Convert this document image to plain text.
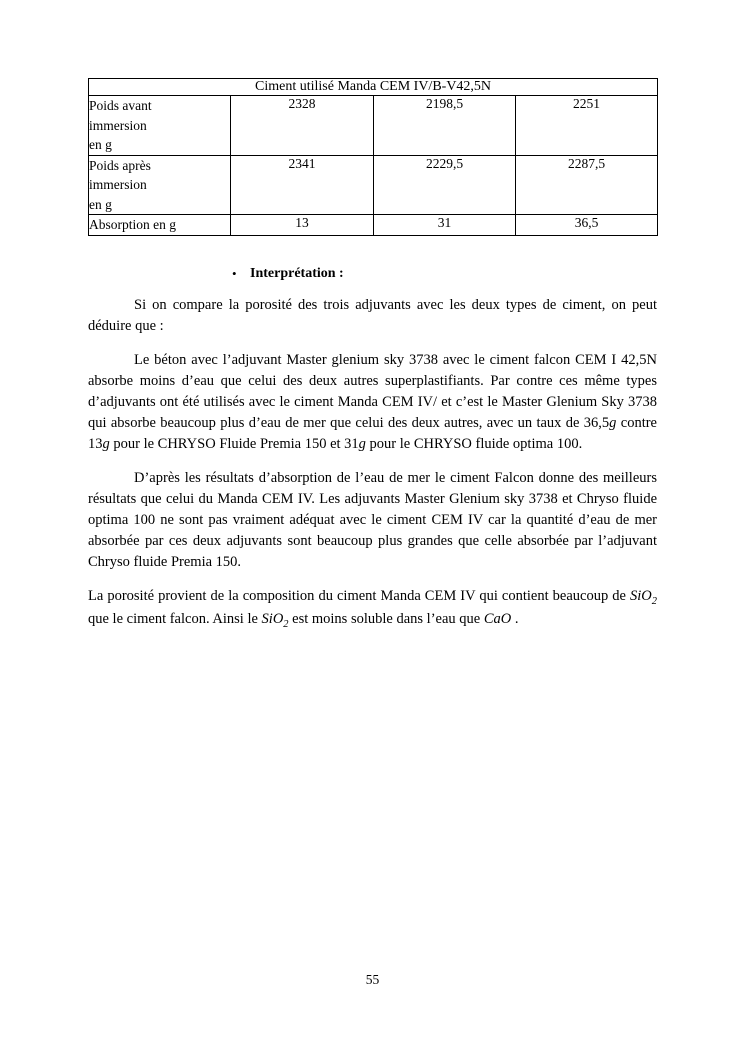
Ciment utilisé Manda CEM IV/B-V42,5N			

Poids avant
immersion
en g	2328	2198,5	2251

Poids après
immersion
en g	2341	2229,5	2287,5
Absorption en g	13	31	36,5
• Interprétation :

Si on compare la porosité des trois adjuvants avec les deux types de ciment, on peut déduire que :

Le béton avec l’adjuvant Master glenium sky 3738 avec le ciment falcon CEM I 42,5N absorbe moins d’eau que celui des deux autres superplastifiants. Par contre ces même types d’adjuvants ont été utilisés avec le ciment Manda CEM IV/ et c’est le Master Glenium Sky 3738 qui absorbe beaucoup plus d’eau de mer que celui des deux autres, avec un taux de 36,5g contre 13g pour le CHRYSO Fluide Premia 150 et 31g pour le CHRYSO fluide optima 100.

D’après les résultats d’absorption de l’eau de mer le ciment Falcon donne des meilleurs résultats que celui du Manda CEM IV. Les adjuvants Master Glenium sky 3738 et Chryso fluide optima 100 ne sont pas vraiment adéquat avec le ciment CEM IV car la quantité d’eau de mer absorbée par ces deux adjuvants sont beaucoup plus grandes que celle absorbée par l’adjuvant Chryso fluide Premia 150.

La porosité provient de la composition du ciment Manda CEM IV qui contient beaucoup de SiO$_2$ que le ciment falcon. Ainsi le SiO$_2$ est moins soluble dans l’eau que CaO .

55
